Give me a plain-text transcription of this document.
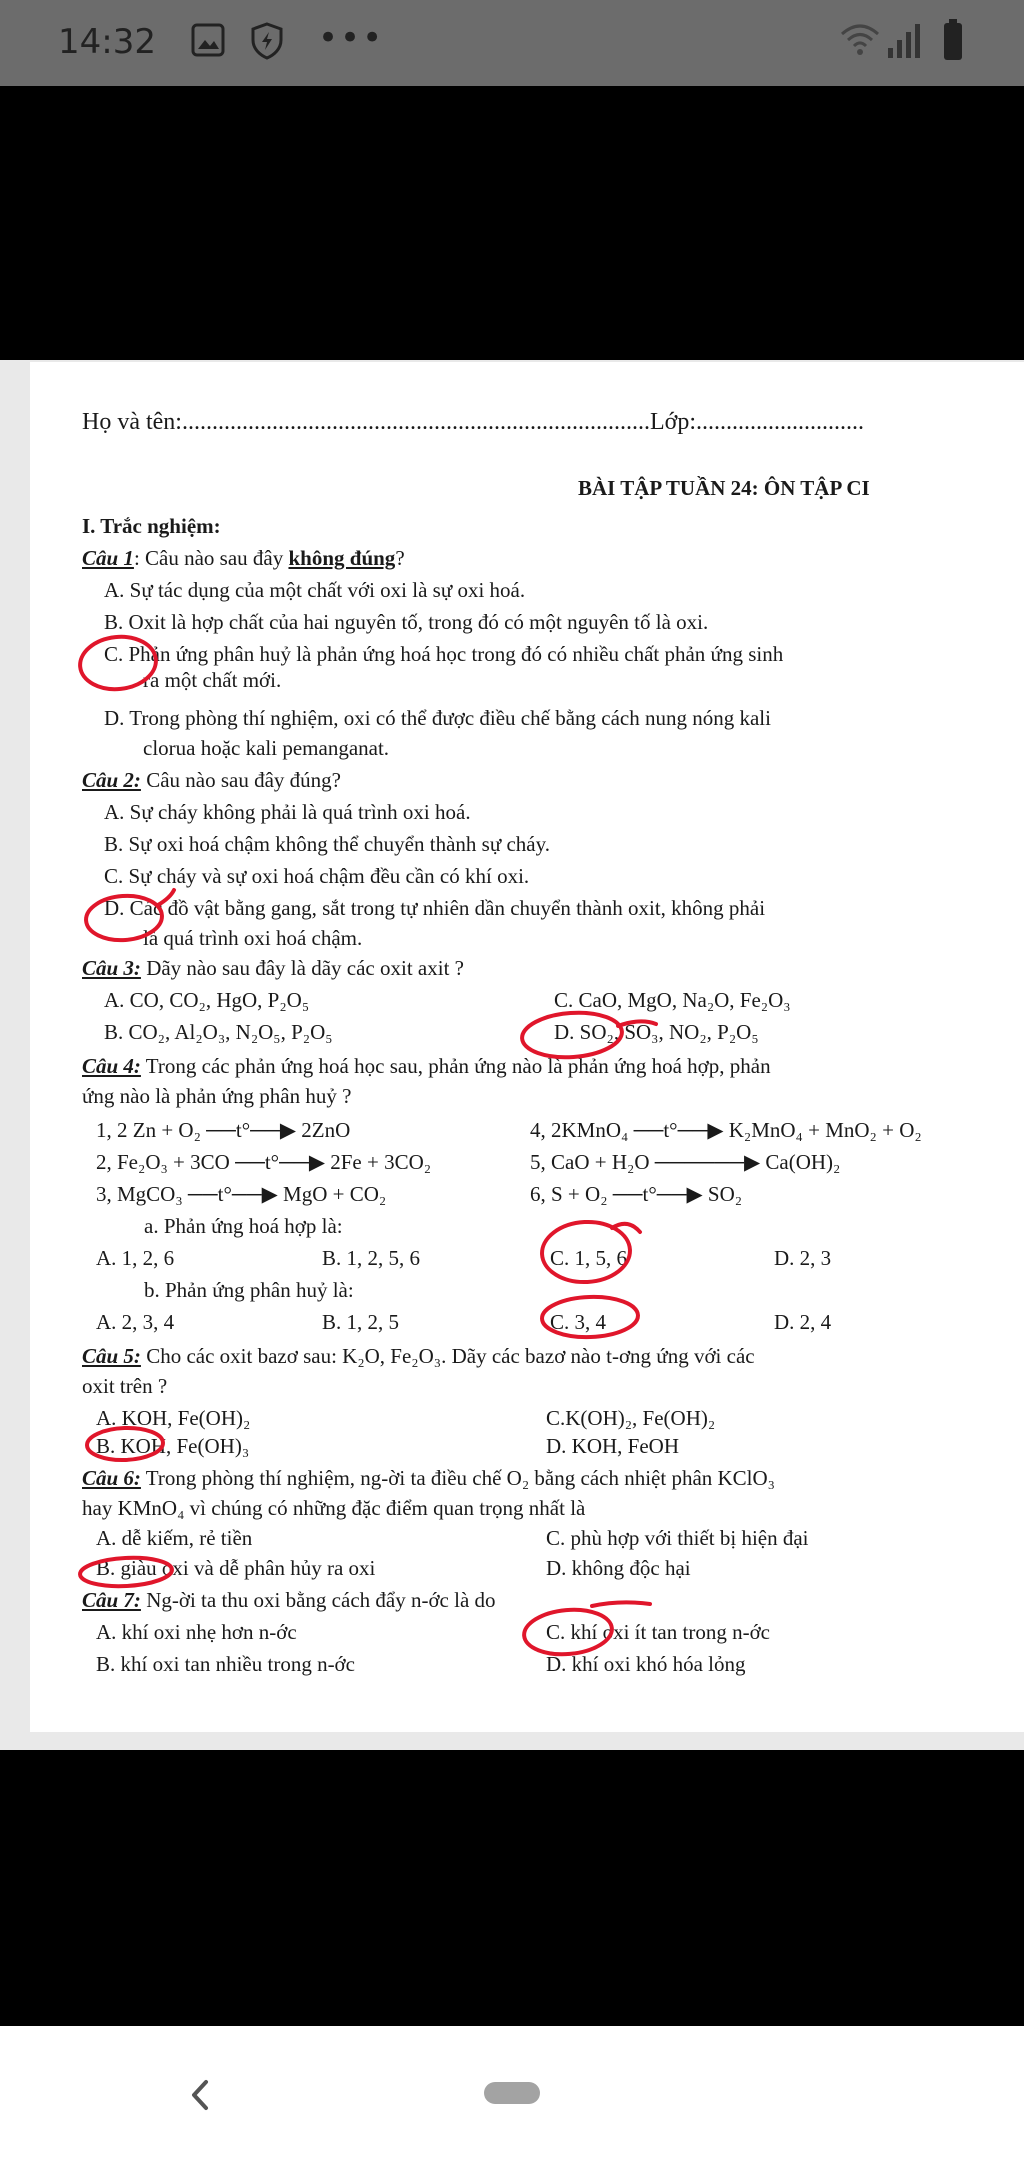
14:32	•••
Họ và tên:..............................................................................Lớp:............................
BÀI TẬP TUẦN 24: ÔN TẬP CI
I. Trắc nghiệm:
Câu 1: Câu nào sau đây không đúng?
A. Sự tác dụng của một chất với oxi là sự oxi hoá.
B. Oxit là hợp chất của hai nguyên tố, trong đó có một nguyên tố là oxi.
C. Phản ứng phân huỷ là phản ứng hoá học trong đó có nhiều chất phản ứng sinh
ra một chất mới.
D. Trong phòng thí nghiệm, oxi có thể được điều chế bằng cách nung nóng kali
clorua hoặc kali pemanganat.
Câu 2: Câu nào sau đây đúng?
A. Sự cháy không phải là quá trình oxi hoá.
B. Sự oxi hoá chậm không thể chuyển thành sự cháy.
C. Sự cháy và sự oxi hoá chậm đều cần có khí oxi.
D. Các đồ vật bằng gang, sắt trong tự nhiên dần chuyển thành oxit, không phải
là quá trình oxi hoá chậm.
Câu 3: Dãy nào sau đây là dãy các oxit axit ?
A. CO, CO₂, HgO, P₂O₅	C. CaO, MgO, Na₂O, Fe₂O₃
B. CO₂, Al₂O₃, N₂O₅, P₂O₅	D. SO₂, SO₃, NO₂, P₂O₅
Câu 4: Trong các phản ứng hoá học sau, phản ứng nào là phản ứng hoá hợp, phản
ứng nào là phản ứng phân huỷ ?
1, 2 Zn + O₂ ──t°──▶ 2ZnO	4, 2KMnO₄ ──t°──▶ K₂MnO₄ + MnO₂ + O₂
2, Fe₂O₃ + 3CO ──t°──▶ 2Fe + 3CO₂	5, CaO + H₂O ──────▶ Ca(OH)₂
3, MgCO₃ ──t°──▶ MgO + CO₂	6, S + O₂ ──t°──▶ SO₂
a. Phản ứng hoá hợp là:
A. 1, 2, 6	B. 1, 2, 5, 6	C. 1, 5, 6	D. 2, 3
b. Phản ứng phân huỷ là:
A. 2, 3, 4	B. 1, 2, 5	C. 3, 4	D. 2, 4
Câu 5: Cho các oxit bazơ sau: K₂O, Fe₂O₃. Dãy các bazơ nào t-ơng ứng với các
oxit trên ?
A. KOH, Fe(OH)₂	C.K(OH)₂, Fe(OH)₂
B. KOH, Fe(OH)₃	D. KOH, FeOH
Câu 6: Trong phòng thí nghiệm, ng-ời ta điều chế O₂ bằng cách nhiệt phân KClO₃
hay KMnO₄ vì chúng có những đặc điểm quan trọng nhất là
A. dễ kiếm, rẻ tiền	C. phù hợp với thiết bị hiện đại
B. giàu oxi và dễ phân hủy ra oxi	D. không độc hại
Câu 7: Ng-ời ta thu oxi bằng cách đẩy n-ớc là do
A. khí oxi nhẹ hơn n-ớc	C. khí oxi ít tan trong n-ớc
B. khí oxi tan nhiều trong n-ớc	D. khí oxi khó hóa lỏng
